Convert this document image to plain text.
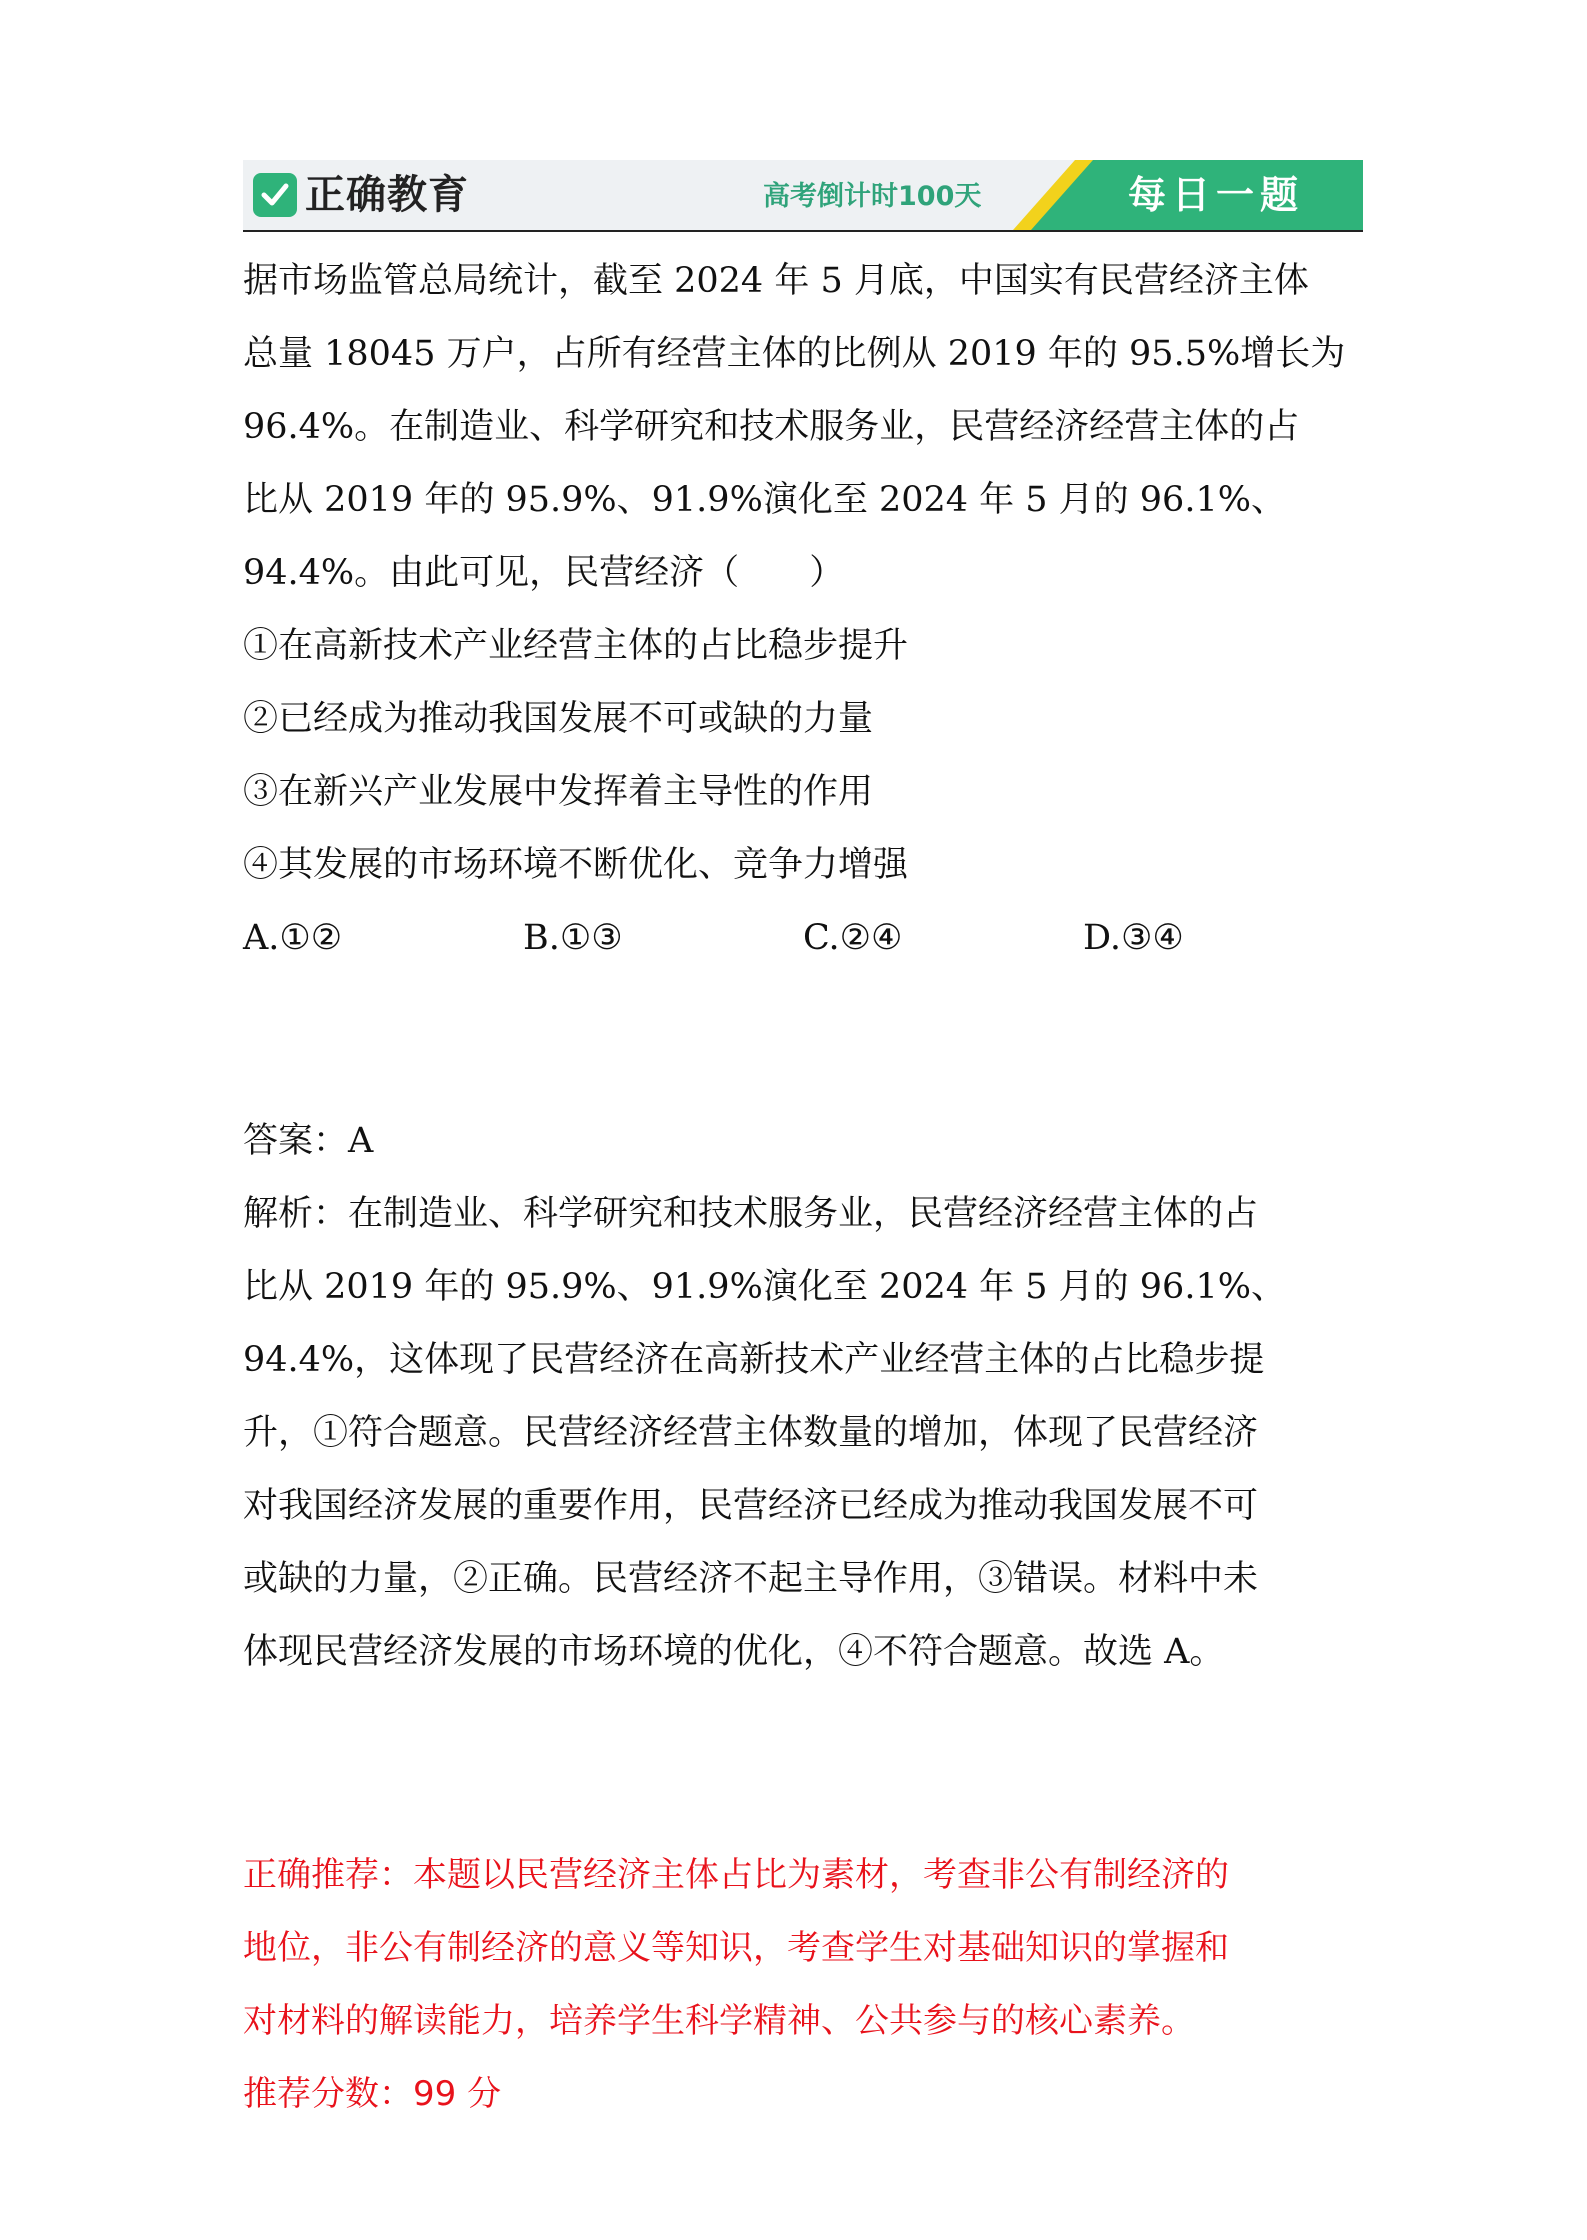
正确教育	高考倒计时100天	每日一题
据市场监管总局统计，截至 2024 年 5 月底，中国实有民营经济主体
总量 18045 万户，占所有经营主体的比例从 2019 年的 95.5%增长为
96.4%。在制造业、科学研究和技术服务业，民营经济经营主体的占
比从 2019 年的 95.9%、91.9%演化至 2024 年 5 月的 96.1%、
94.4%。由此可见，民营经济（　　）
①在高新技术产业经营主体的占比稳步提升
②已经成为推动我国发展不可或缺的力量
③在新兴产业发展中发挥着主导性的作用
④其发展的市场环境不断优化、竞争力增强
A.①②	B.①③	C.②④	D.③④
答案：A
解析：在制造业、科学研究和技术服务业，民营经济经营主体的占
比从 2019 年的 95.9%、91.9%演化至 2024 年 5 月的 96.1%、
94.4%，这体现了民营经济在高新技术产业经营主体的占比稳步提
升，①符合题意。民营经济经营主体数量的增加，体现了民营经济
对我国经济发展的重要作用，民营经济已经成为推动我国发展不可
或缺的力量，②正确。民营经济不起主导作用，③错误。材料中未
体现民营经济发展的市场环境的优化，④不符合题意。故选 A。
正确推荐：本题以民营经济主体占比为素材，考查非公有制经济的
地位，非公有制经济的意义等知识，考查学生对基础知识的掌握和
对材料的解读能力，培养学生科学精神、公共参与的核心素养。
推荐分数：99 分
